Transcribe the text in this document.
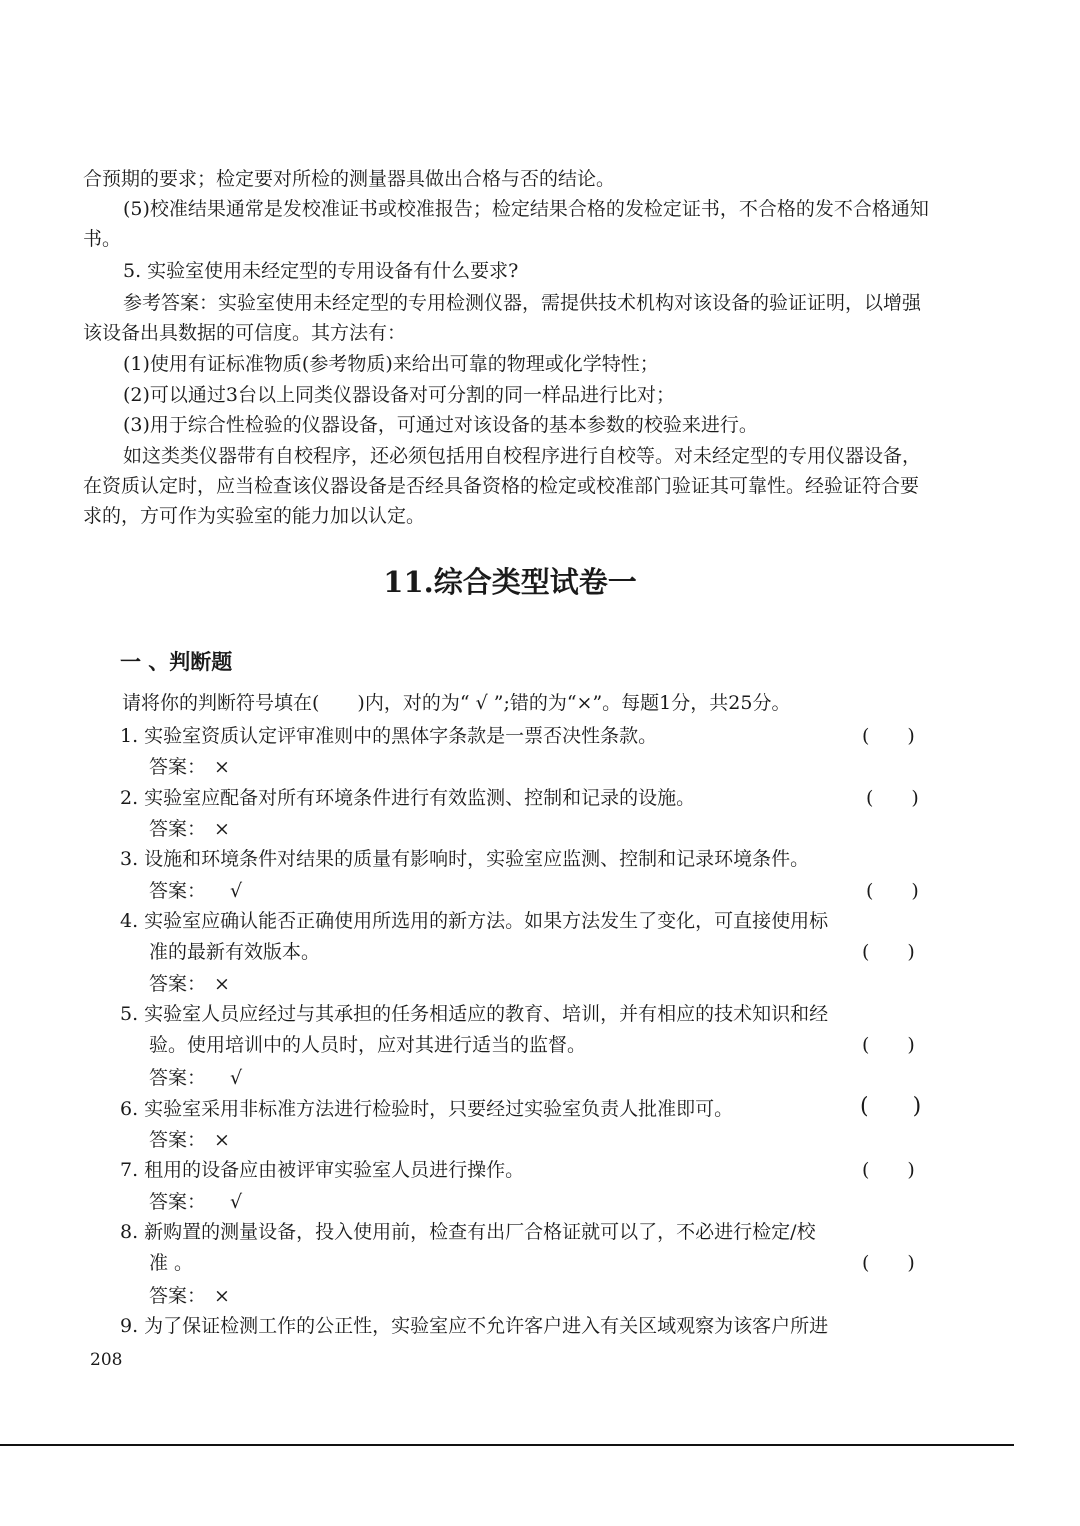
合预期的要求；检定要对所检的测量器具做出合格与否的结论。

(5)校准结果通常是发校准证书或校准报告；检定结果合格的发检定证书，不合格的发不合格通知书。

5. 实验室使用未经定型的专用设备有什么要求?

参考答案：实验室使用未经定型的专用检测仪器，需提供技术机构对该设备的验证证明，以增强该设备出具数据的可信度。其方法有：

(1)使用有证标准物质(参考物质)来给出可靠的物理或化学特性；

(2)可以通过3台以上同类仪器设备对可分割的同一样品进行比对；

(3)用于综合性检验的仪器设备，可通过对该设备的基本参数的校验来进行。

如这类类仪器带有自校程序，还必须包括用自校程序进行自校等。对未经定型的专用仪器设备，在资质认定时，应当检查该仪器设备是否经具备资格的检定或校准部门验证其可靠性。经验证符合要求的，方可作为实验室的能力加以认定。

11.综合类型试卷一
一 、判断题

请将你的判断符号填在(　　)内，对的为“ √ ”;错的为“×”。每题1分，共25分。

1. 实验室资质认定评审准则中的黑体字条款是一票否决性条款。	(　　)

答案： ×

2. 实验室应配备对所有环境条件进行有效监测、控制和记录的设施。	(　　)

答案： ×

3. 设施和环境条件对结果的质量有影响时，实验室应监测、控制和记录环境条件。

答案： √	(　　)
4. 实验室应确认能否正确使用所选用的新方法。如果方法发生了变化，可直接使用标
准的最新有效版本。	(　　)

答案： ×

5. 实验室人员应经过与其承担的任务相适应的教育、培训，并有相应的技术知识和经
验。使用培训中的人员时，应对其进行适当的监督。	(　　)

答案： √

6. 实验室采用非标准方法进行检验时，只要经过实验室负责人批准即可。	(　　)

答案： ×

7. 租用的设备应由被评审实验室人员进行操作。	(　　)

答案： √

8. 新购置的测量设备，投入使用前，检查有出厂合格证就可以了，不必进行检定/校
准 。	(　　)

答案： ×

9. 为了保证检测工作的公正性，实验室应不允许客户进入有关区域观察为该客户所进

208
